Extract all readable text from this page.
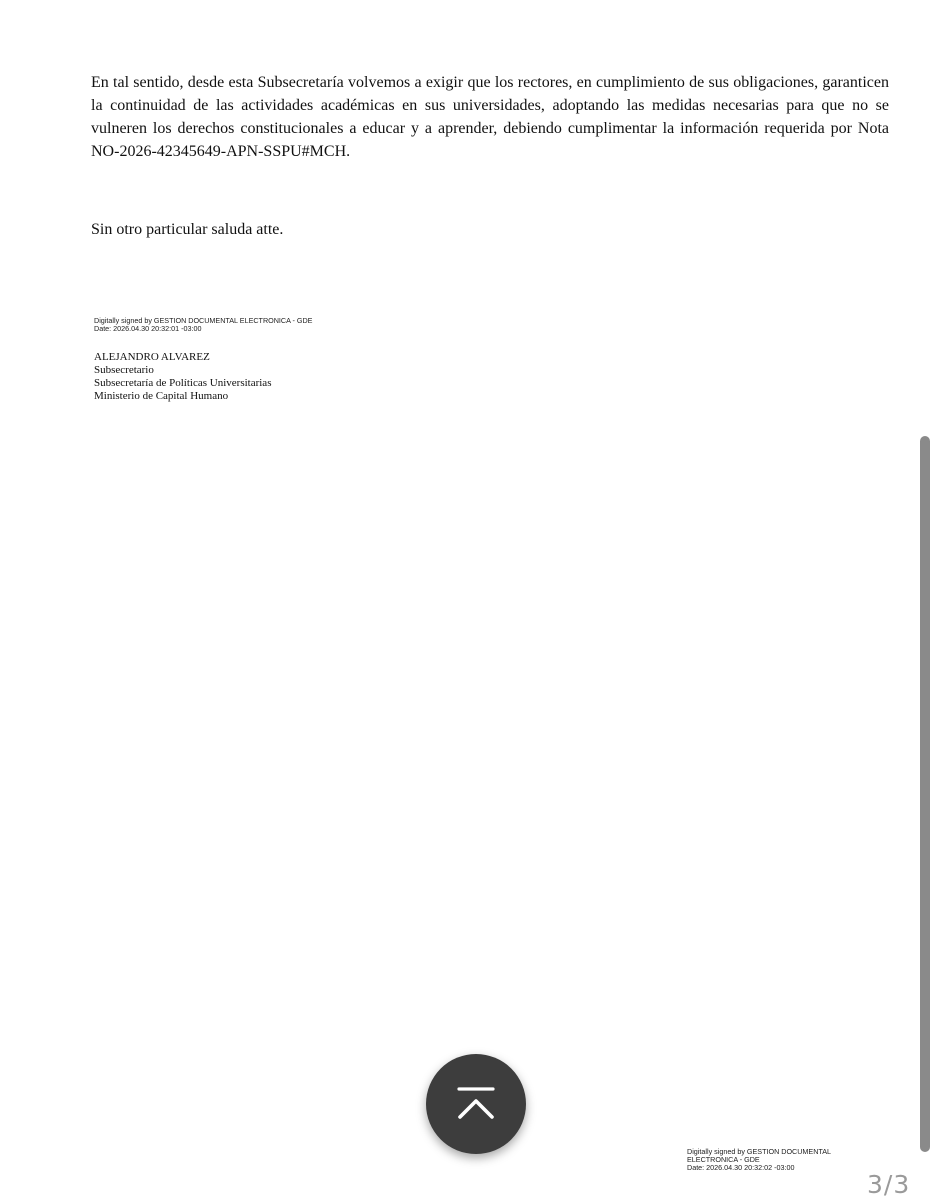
En tal sentido, desde esta Subsecretaría volvemos a exigir que los rectores, en cumplimiento de sus obligaciones, garanticen la continuidad de las actividades académicas en sus universidades, adoptando las medidas necesarias para que no se vulneren los derechos constitucionales a educar y a aprender, debiendo cumplimentar la información requerida por Nota NO-2026-42345649-APN-SSPU#MCH.

Sin otro particular saluda atte.

Digitally signed by GESTION DOCUMENTAL ELECTRONICA - GDE
Date: 2026.04.30 20:32:01 -03:00
ALEJANDRO ALVAREZ
Subsecretario
Subsecretaría de Políticas Universitarias
Ministerio de Capital Humano
Digitally signed by GESTION DOCUMENTAL
ELECTRONICA - GDE
Date: 2026.04.30 20:32:02 -03:00
3/3
